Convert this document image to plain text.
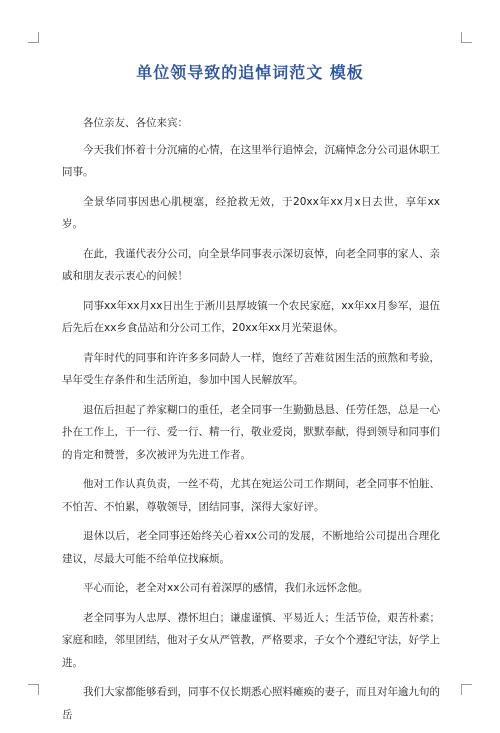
单位领导致的追悼词范文 模板

各位亲友、各位来宾：

今天我们怀着十分沉痛的心情，在这里举行追悼会，沉痛悼念分公司退休职工同事。

全景华同事因患心肌梗塞，经抢救无效，于20xx年xx月x日去世，享年xx岁。

在此，我谨代表分公司，向全景华同事表示深切哀悼，向老全同事的家人、亲戚和朋友表示衷心的问候！

同事xx年xx月xx日出生于淅川县厚坡镇一个农民家庭，xx年xx月参军，退伍后先后在xx乡食品站和分公司工作，20xx年xx月光荣退休。

青年时代的同事和许许多多同龄人一样，饱经了苦难贫困生活的煎熬和考验，早年受生存条件和生活所迫，参加中国人民解放军。

退伍后担起了养家糊口的重任，老全同事一生勤勤恳恳、任劳任怨，总是一心扑在工作上，干一行、爱一行、精一行，敬业爱岗，默默奉献，得到领导和同事们的肯定和赞誉，多次被评为先进工作者。

他对工作认真负责，一丝不苟，尤其在宛运公司工作期间，老全同事不怕脏、不怕苦、不怕累，尊敬领导，团结同事，深得大家好评。

退休以后，老全同事还始终关心着xx公司的发展，不断地给公司提出合理化建议，尽最大可能不给单位找麻烦。

平心而论，老全对xx公司有着深厚的感情，我们永远怀念他。

老全同事为人忠厚、襟怀坦白；谦虚谨慎、平易近人；生活节俭，艰苦朴素；家庭和睦，邻里团结，他对子女从严管教，严格要求，子女个个遵纪守法，好学上进。

我们大家都能够看到，同事不仅长期悉心照料瘫痪的妻子，而且对年逾九旬的岳
